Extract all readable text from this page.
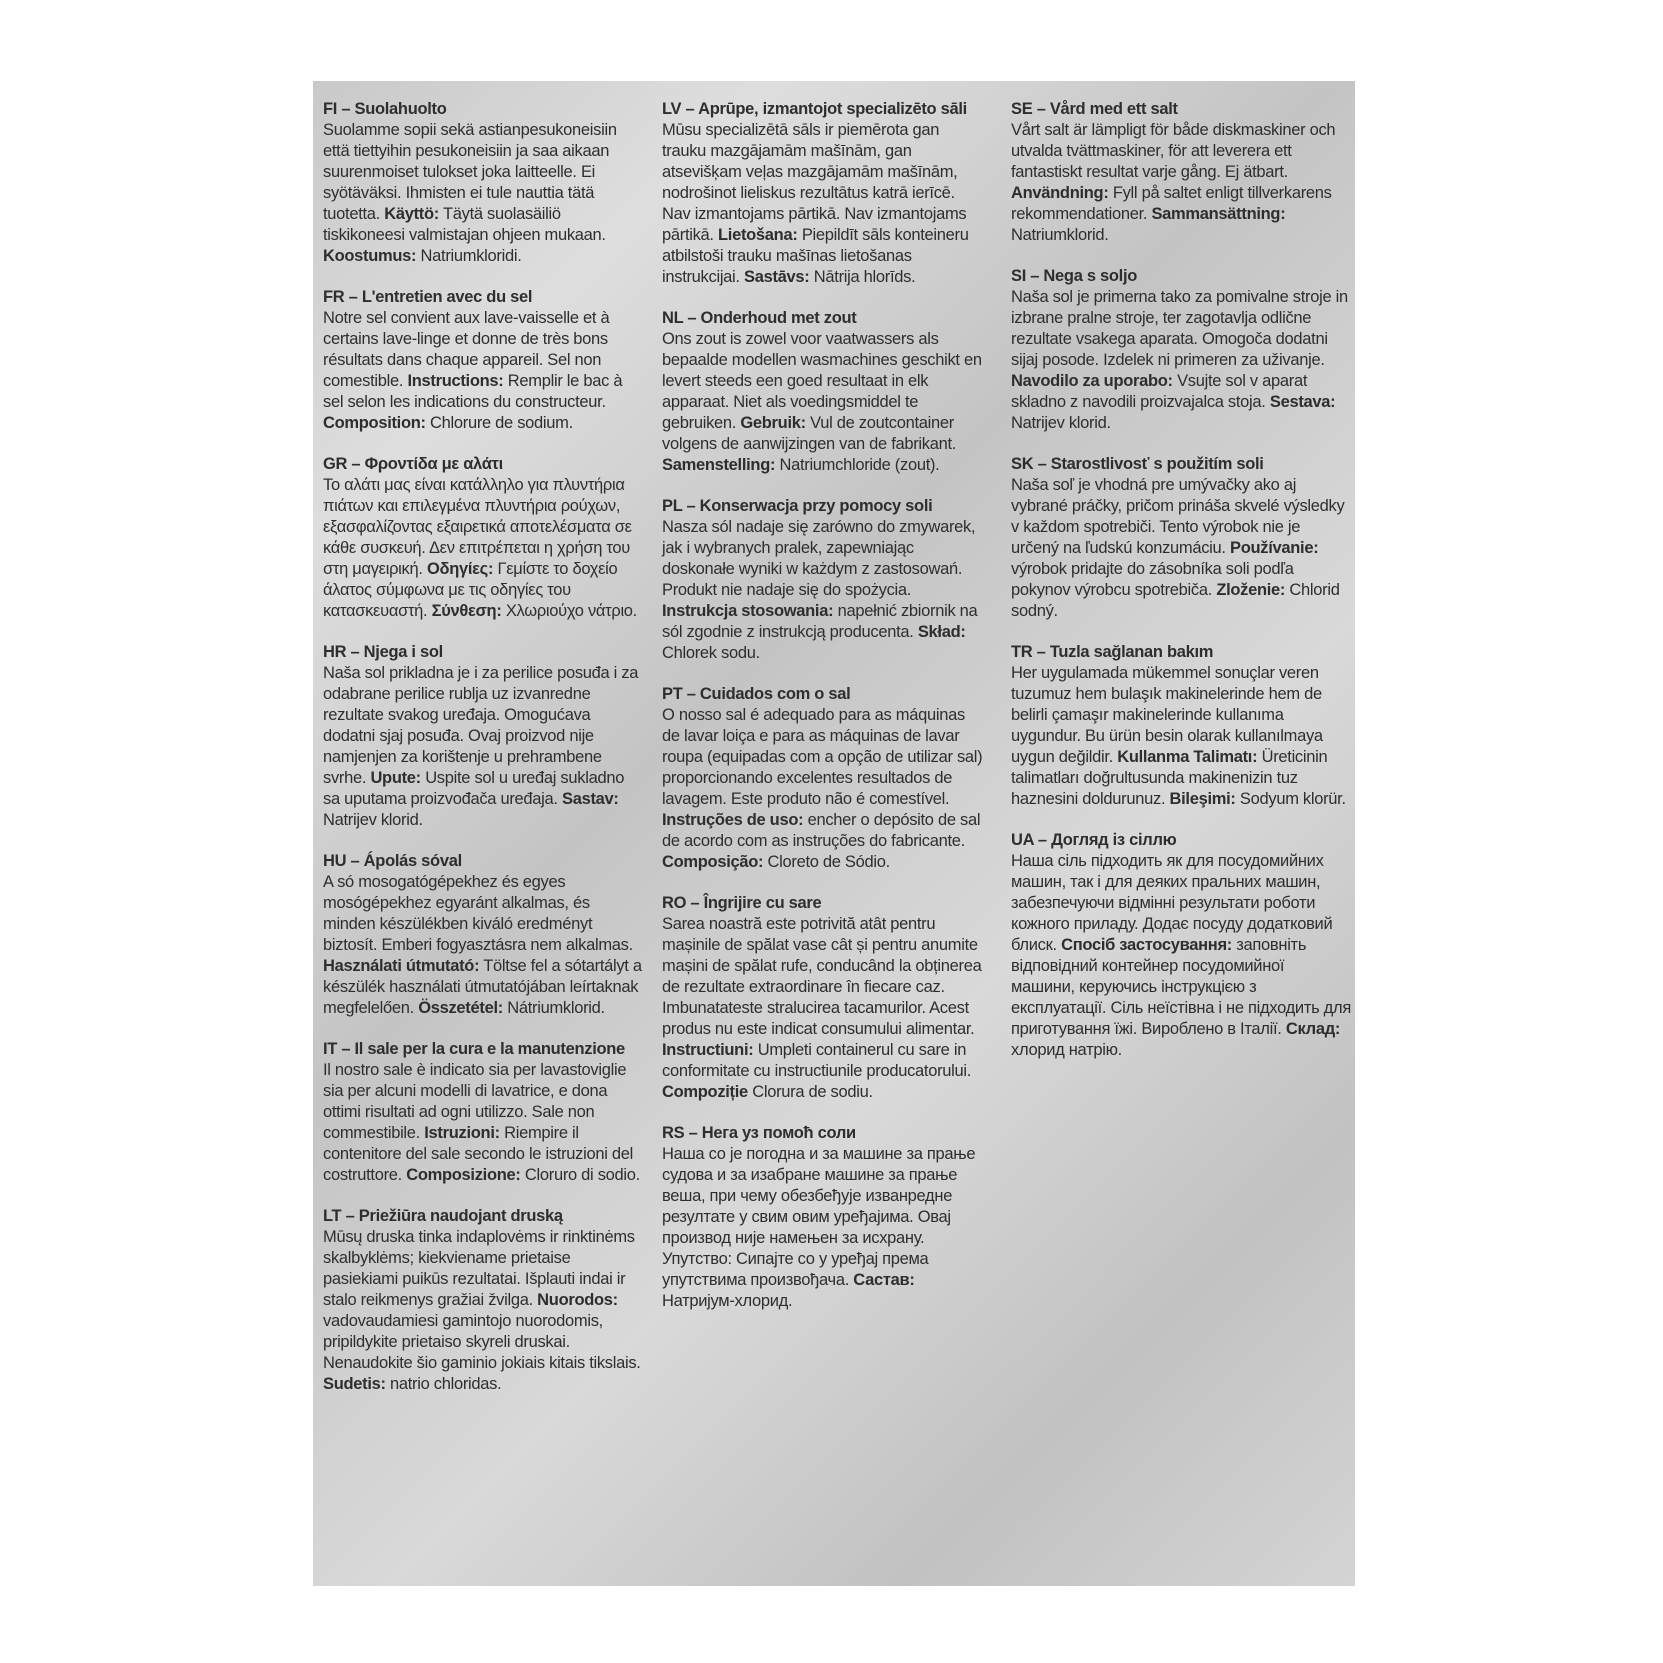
FI – Suolahuolto
Suolamme sopii sekä astianpesukoneisiin että tiettyihin pesukoneisiin ja saa aikaan suurenmoiset tulokset joka laitteelle. Ei syötäväksi. Ihmisten ei tule nauttia tätä tuotetta. Käyttö: Täytä suolasäiliö tiskikoneesi valmistajan ohjeen mukaan. Koostumus: Natriumkloridi.
FR – L'entretien avec du sel
Notre sel convient aux lave-vaisselle et à certains lave-linge et donne de très bons résultats dans chaque appareil. Sel non comestible. Instructions: Remplir le bac à sel selon les indications du constructeur. Composition: Chlorure de sodium.
GR – Φροντίδα με αλάτι
Το αλάτι μας είναι κατάλληλο για πλυντήρια πιάτων και επιλεγμένα πλυντήρια ρούχων, εξασφαλίζοντας εξαιρετικά αποτελέσματα σε κάθε συσκευή. Δεν επιτρέπεται η χρήση του στη μαγειρική. Οδηγίες: Γεμίστε το δοχείο άλατος σύμφωνα με τις οδηγίες του κατασκευαστή. Σύνθεση: Χλωριούχο νάτριο.
HR – Njega i sol
Naša sol prikladna je i za perilice posuđa i za odabrane perilice rublja uz izvanredne rezultate svakog uređaja. Omogućava dodatni sjaj posuđa. Ovaj proizvod nije namjenjen za korištenje u prehrambene svrhe. Upute: Uspite sol u uređaj sukladno sa uputama proizvođača uređaja. Sastav: Natrijev klorid.
HU – Ápolás sóval
A só mosogatógépekhez és egyes mosógépekhez egyaránt alkalmas, és minden készülékben kiváló eredményt biztosít. Emberi fogyasztásra nem alkalmas. Használati útmutató: Töltse fel a sótartályt a készülék használati útmutatójában leírtaknak megfelelően. Összetétel: Nátriumklorid.
IT – Il sale per la cura e la manutenzione
Il nostro sale è indicato sia per lavastoviglie sia per alcuni modelli di lavatrice, e dona ottimi risultati ad ogni utilizzo. Sale non commestibile. Istruzioni: Riempire il contenitore del sale secondo le istruzioni del costruttore. Composizione: Cloruro di sodio.
LT – Priežiūra naudojant druską
Mūsų druska tinka indaplovėms ir rinktinėms skalbyklėms; kiekviename prietaise pasiekiami puikūs rezultatai. Išplauti indai ir stalo reikmenys gražiai žvilga. Nuorodos: vadovaudamiesi gamintojo nuorodomis, pripildykite prietaiso skyreli druskai. Nenaudokite šio gaminio jokiais kitais tikslais. Sudetis: natrio chloridas.
LV – Aprūpe, izmantojot specializēto sāli
Mūsu specializētā sāls ir piemērota gan trauku mazgājamām mašīnām, gan atsevišķam veļas mazgājamām mašīnām, nodrošinot lieliskus rezultātus katrā ierīcē. Nav izmantojams pārtikā. Nav izmantojams pārtikā. Lietošana: Piepildīt sāls konteineru atbilstoši trauku mašīnas lietošanas instrukcijai. Sastāvs: Nātrija hlorīds.
NL – Onderhoud met zout
Ons zout is zowel voor vaatwassers als bepaalde modellen wasmachines geschikt en levert steeds een goed resultaat in elk apparaat. Niet als voedingsmiddel te gebruiken. Gebruik: Vul de zoutcontainer volgens de aanwijzingen van de fabrikant. Samenstelling: Natriumchloride (zout).
PL – Konserwacja przy pomocy soli
Nasza sól nadaje się zarówno do zmywarek, jak i wybranych pralek, zapewniając doskonałe wyniki w każdym z zastosowań. Produkt nie nadaje się do spożycia. Instrukcja stosowania: napełnić zbiornik na sól zgodnie z instrukcją producenta. Skład: Chlorek sodu.
PT – Cuidados com o sal
O nosso sal é adequado para as máquinas de lavar loiça e para as máquinas de lavar roupa (equipadas com a opção de utilizar sal) proporcionando excelentes resultados de lavagem. Este produto não é comestível. Instruções de uso: encher o depósito de sal de acordo com as instruções do fabricante. Composição: Cloreto de Sódio.
RO – Îngrijire cu sare
Sarea noastră este potrivită atât pentru mașinile de spălat vase cât și pentru anumite mașini de spălat rufe, conducând la obținerea de rezultate extraordinare în fiecare caz. Imbunatateste stralucirea tacamurilor. Acest produs nu este indicat consumului alimentar. Instructiuni: Umpleti containerul cu sare in conformitate cu instructiunile producatorului. Compoziție Clorura de sodiu.
RS – Нега уз помоћ соли
Наша со је погодна и за машине за прање судова и за изабране машине за прање веша, при чему обезбеђује изванредне резултате у свим овим уређајима. Овај производ није намењен за исхрану. Упутство: Сипајте со у уређај према упутствима произвођача. Састав: Натријум-хлорид.
SE – Vård med ett salt
Vårt salt är lämpligt för både diskmaskiner och utvalda tvättmaskiner, för att leverera ett fantastiskt resultat varje gång. Ej ätbart. Användning: Fyll på saltet enligt tillverkarens rekommendationer. Sammansättning: Natriumklorid.
SI – Nega s soljo
Naša sol je primerna tako za pomivalne stroje in izbrane pralne stroje, ter zagotavlja odlične rezultate vsakega aparata. Omogoča dodatni sijaj posode. Izdelek ni primeren za uživanje. Navodilo za uporabo: Vsujte sol v aparat skladno z navodili proizvajalca stoja. Sestava: Natrijev klorid.
SK – Starostlivosť s použitím soli
Naša soľ je vhodná pre umývačky ako aj vybrané práčky, pričom prináša skvelé výsledky v každom spotrebiči. Tento výrobok nie je určený na ľudskú konzumáciu. Používanie: výrobok pridajte do zásobníka soli podľa pokynov výrobcu spotrebiča. Zloženie: Chlorid sodný.
TR – Tuzla sağlanan bakım
Her uygulamada mükemmel sonuçlar veren tuzumuz hem bulaşık makinelerinde hem de belirli çamaşır makinelerinde kullanıma uygundur. Bu ürün besin olarak kullanılmaya uygun değildir. Kullanma Talimatı: Üreticinin talimatları doğrultusunda makinenizin tuz haznesini doldurunuz. Bileşimi: Sodyum klorür.
UA – Догляд із сіллю
Наша сіль підходить як для посудомийних машин, так і для деяких пральних машин, забезпечуючи відмінні результати роботи кожного приладу. Додає посуду додатковий блиск. Спосіб застосування: заповніть відповідний контейнер посудомийної машини, керуючись інструкцією з експлуатації. Сіль неїстівна і не підходить для приготування їжі. Вироблено в Італії. Склад: хлорид натрію.
